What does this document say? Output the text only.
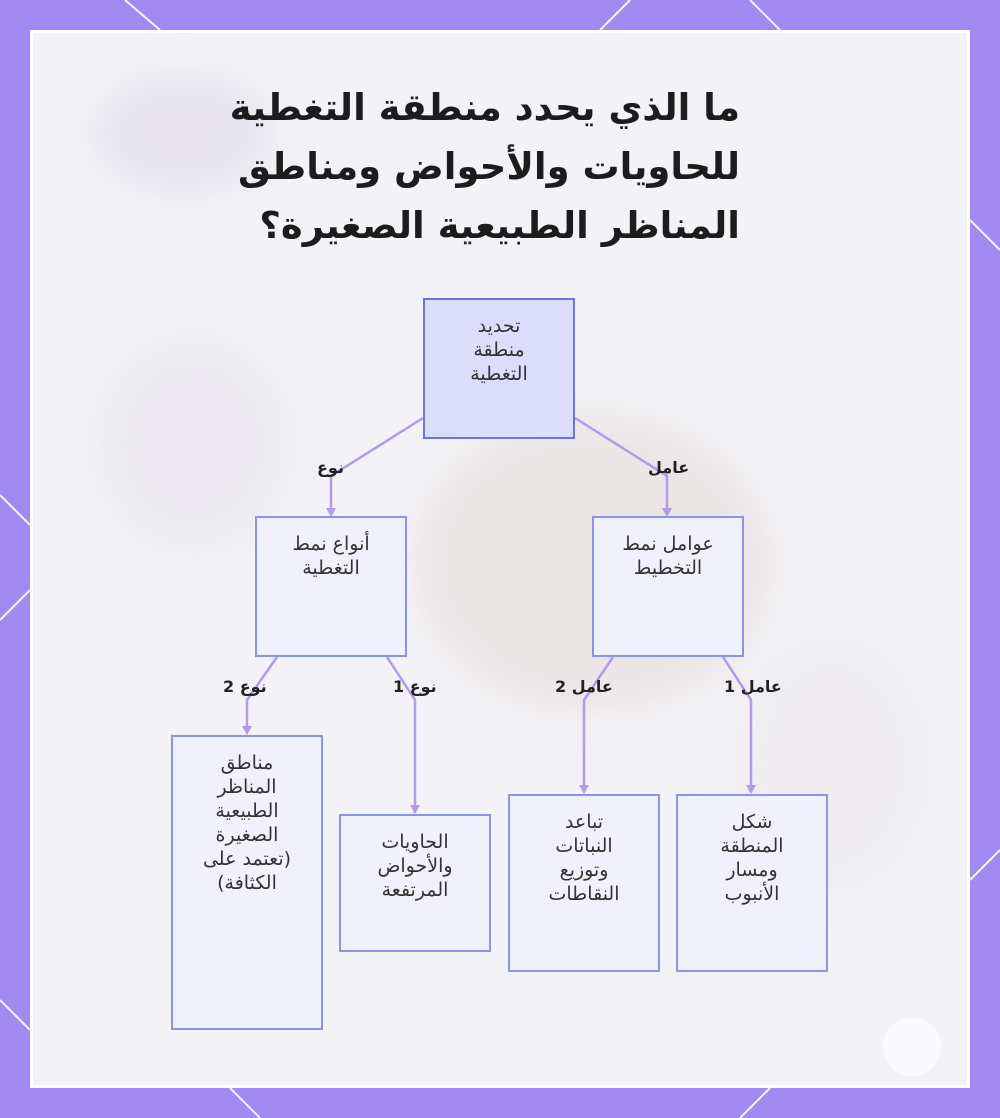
ما الذي يحدد منطقة التغطية
للحاويات والأحواض ومناطق
المناظر الطبيعية الصغيرة؟
نوع	عامل
نوع 2	نوع 1	عامل 2	عامل 1
تحديد
منطقة
التغطية
أنواع نمط
التغطية
عوامل نمط
التخطيط
مناطق
المناظر
الطبيعية
الصغيرة
(تعتمد على
الكثافة)
الحاويات
والأحواض
المرتفعة
تباعد
النباتات
وتوزيع
النقاطات
شكل
المنطقة
ومسار
الأنبوب
